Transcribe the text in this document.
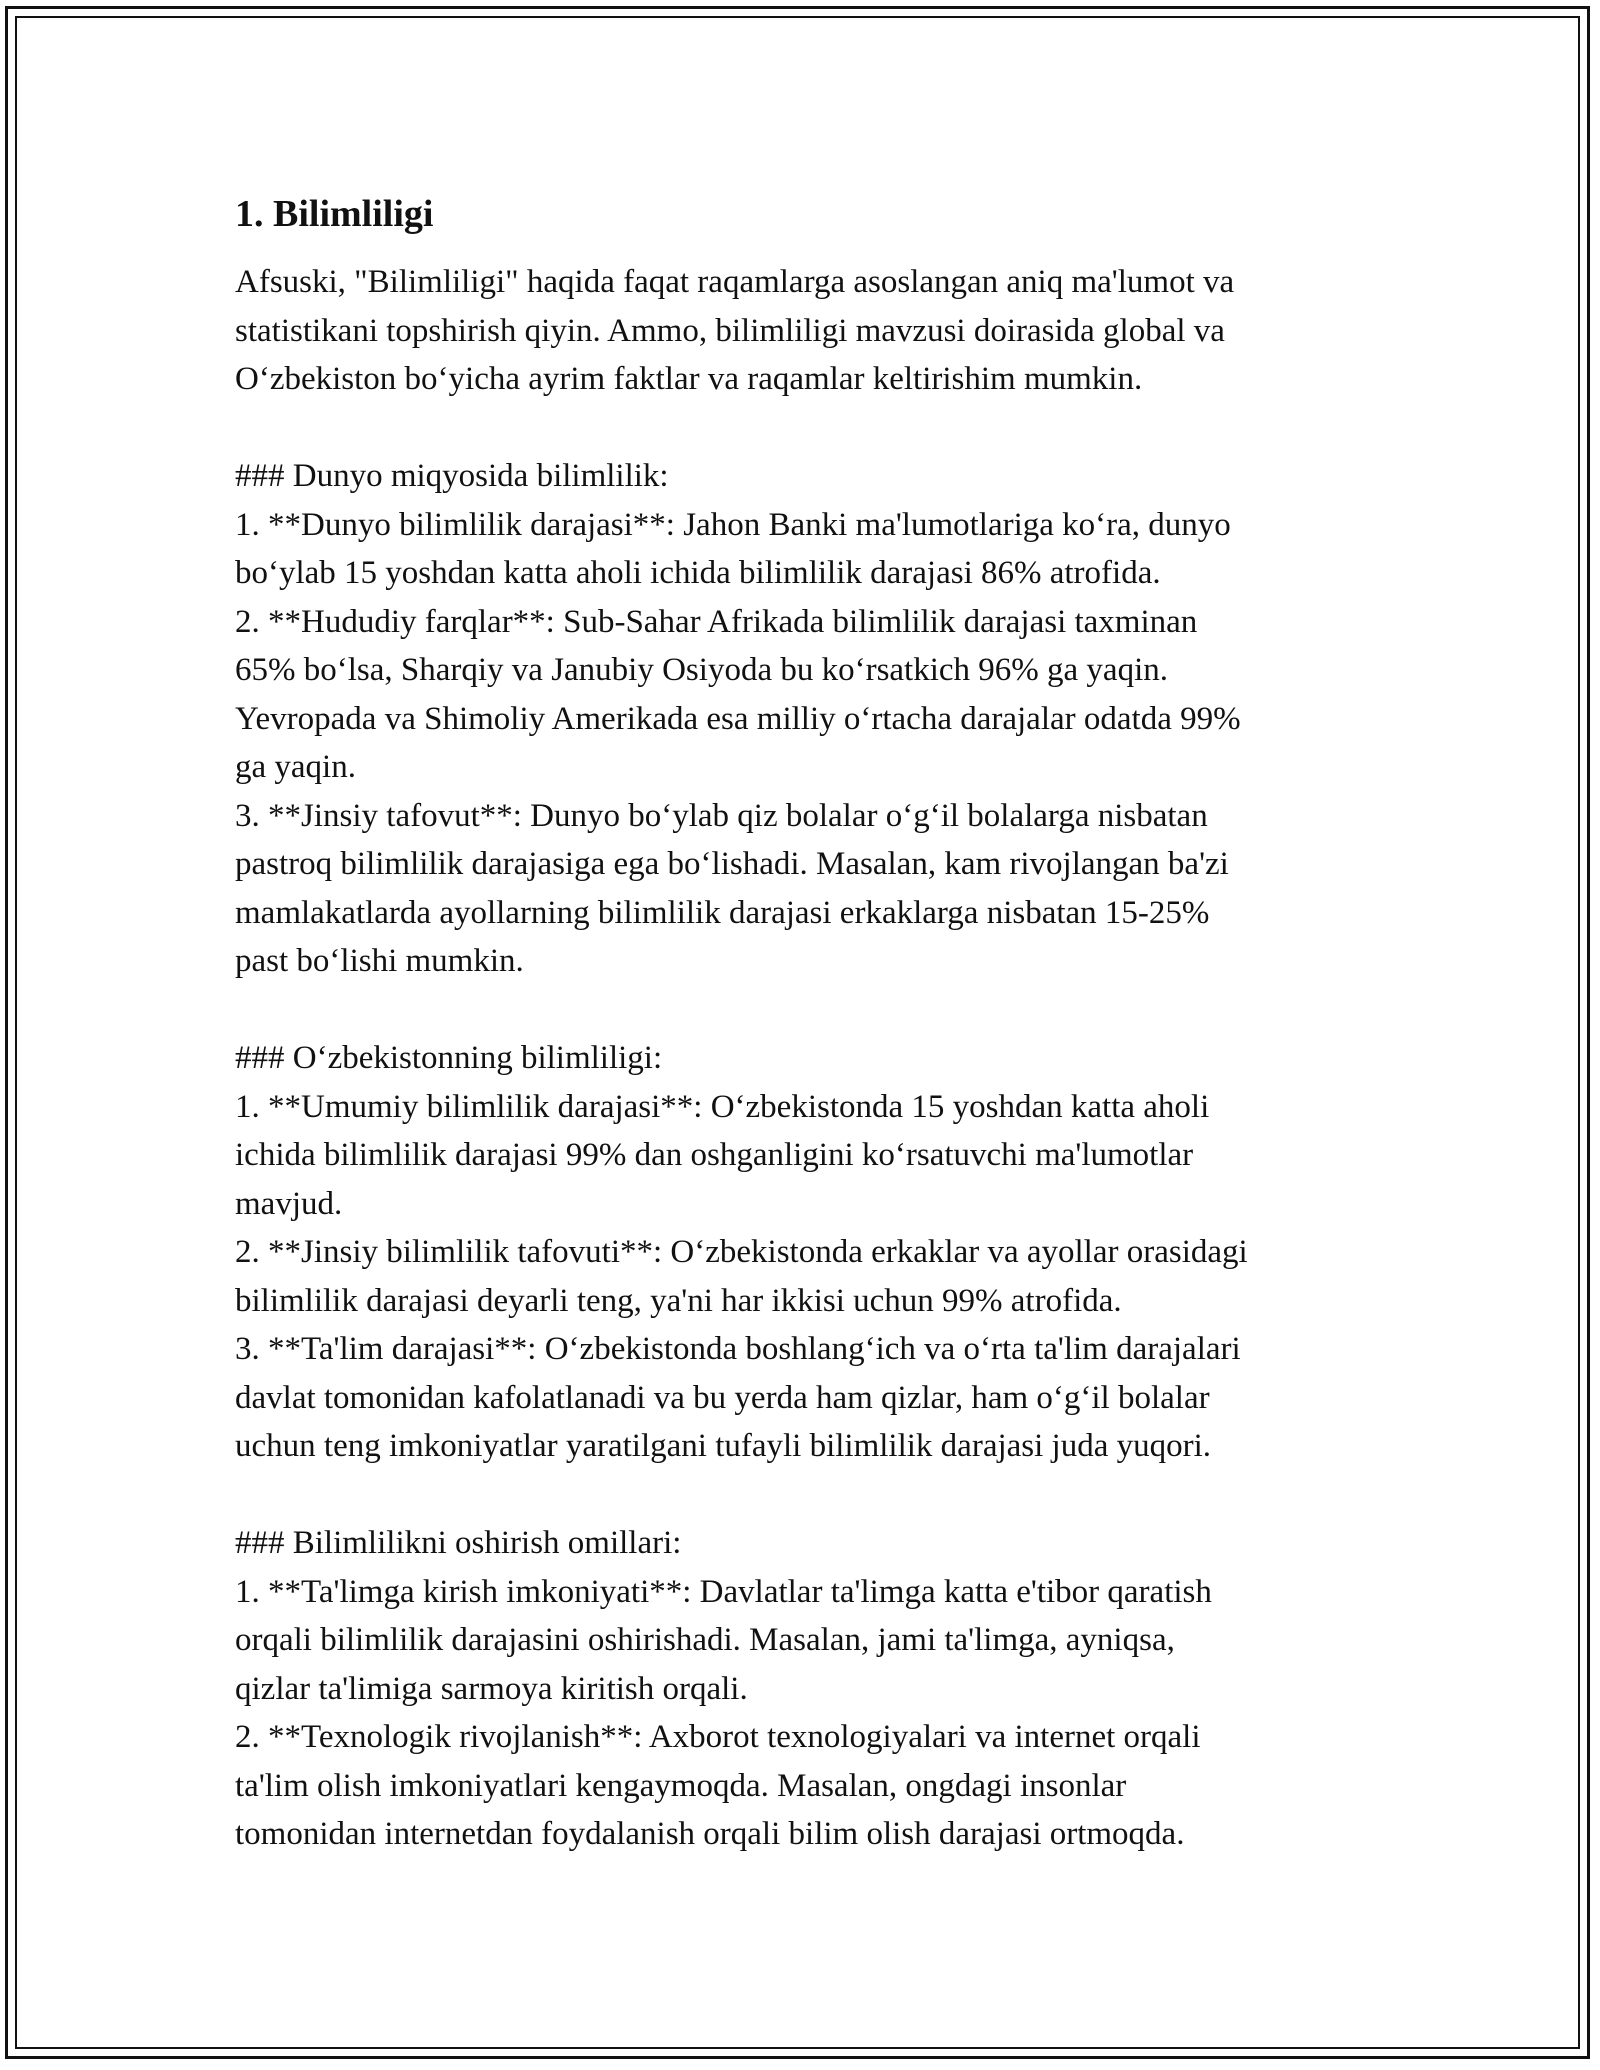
1. Bilimliligi

Afsuski, "Bilimliligi" haqida faqat raqamlarga asoslangan aniq ma'lumot va
statistikani topshirish qiyin. Ammo, bilimliligi mavzusi doirasida global va
O‘zbekiston bo‘yicha ayrim faktlar va raqamlar keltirishim mumkin.

### Dunyo miqyosida bilimlilik:

1. **Dunyo bilimlilik darajasi**: Jahon Banki ma'lumotlariga ko‘ra, dunyo
bo‘ylab 15 yoshdan katta aholi ichida bilimlilik darajasi 86% atrofida.

2. **Hududiy farqlar**: Sub-Sahar Afrikada bilimlilik darajasi taxminan
65% bo‘lsa, Sharqiy va Janubiy Osiyoda bu ko‘rsatkich 96% ga yaqin.
Yevropada va Shimoliy Amerikada esa milliy o‘rtacha darajalar odatda 99%
ga yaqin.

3. **Jinsiy tafovut**: Dunyo bo‘ylab qiz bolalar o‘g‘il bolalarga nisbatan
pastroq bilimlilik darajasiga ega bo‘lishadi. Masalan, kam rivojlangan ba'zi
mamlakatlarda ayollarning bilimlilik darajasi erkaklarga nisbatan 15-25%
past bo‘lishi mumkin.

### O‘zbekistonning bilimliligi:

1. **Umumiy bilimlilik darajasi**: O‘zbekistonda 15 yoshdan katta aholi
ichida bilimlilik darajasi 99% dan oshganligini ko‘rsatuvchi ma'lumotlar
mavjud.

2. **Jinsiy bilimlilik tafovuti**: O‘zbekistonda erkaklar va ayollar orasidagi
bilimlilik darajasi deyarli teng, ya'ni har ikkisi uchun 99% atrofida.

3. **Ta'lim darajasi**: O‘zbekistonda boshlang‘ich va o‘rta ta'lim darajalari
davlat tomonidan kafolatlanadi va bu yerda ham qizlar, ham o‘g‘il bolalar
uchun teng imkoniyatlar yaratilgani tufayli bilimlilik darajasi juda yuqori.

### Bilimlilikni oshirish omillari:

1. **Ta'limga kirish imkoniyati**: Davlatlar ta'limga katta e'tibor qaratish
orqali bilimlilik darajasini oshirishadi. Masalan, jami ta'limga, ayniqsa,
qizlar ta'limiga sarmoya kiritish orqali.

2. **Texnologik rivojlanish**: Axborot texnologiyalari va internet orqali
ta'lim olish imkoniyatlari kengaymoqda. Masalan, ongdagi insonlar
tomonidan internetdan foydalanish orqali bilim olish darajasi ortmoqda.
